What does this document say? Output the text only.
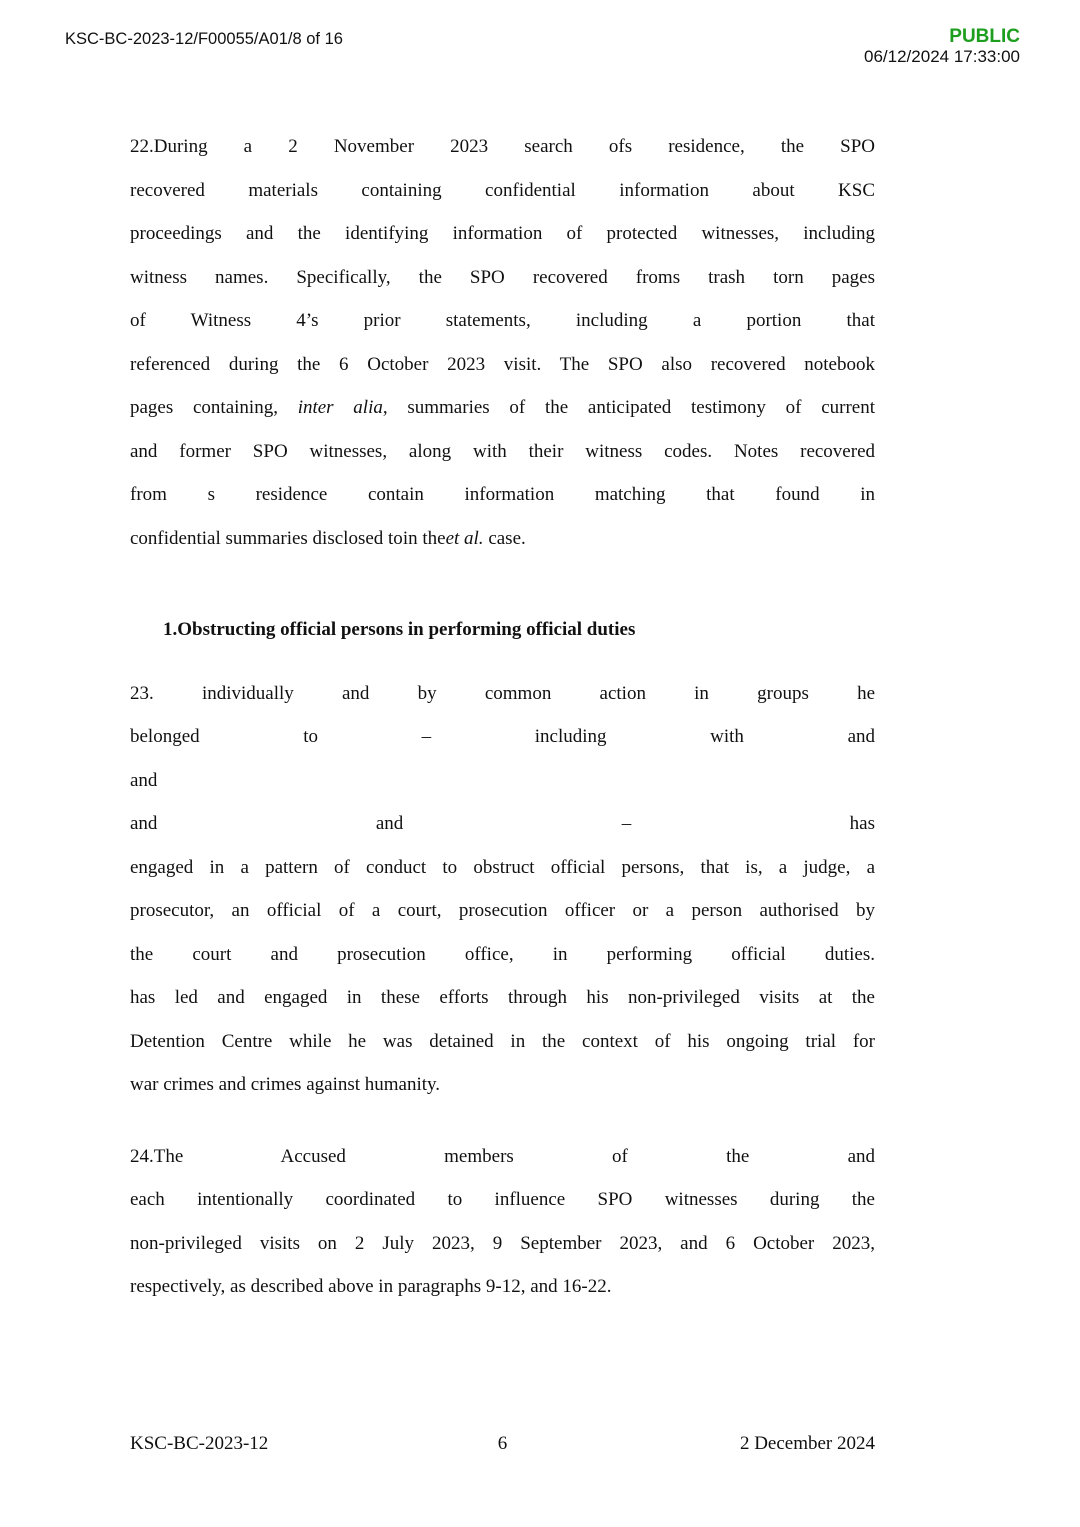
KSC-BC-2023-12/F00055/A01/8 of 16	PUBLIC
06/12/2024 17:33:00
22.During a 2 November 2023 search ofs residence, the SPO
recovered materials containing confidential information about KSC
proceedings and the identifying information of protected witnesses, including
witness names. Specifically, the SPO recovered froms trash torn pages
of Witness 4’s prior statements, including a portion that
referenced during the 6 October 2023 visit. The SPO also recovered notebook
pages containing, inter alia, summaries of the anticipated testimony of current
and former SPO witnesses, along with their witness codes. Notes recovered
from s residence contain information matching that found in
confidential summaries disclosed toin theet al. case.
1.Obstructing official persons in performing official duties
23. individually and by common action in groups he
belonged to – including with and
and
and and – has
engaged in a pattern of conduct to obstruct official persons, that is, a judge, a
prosecutor, an official of a court, prosecution officer or a person authorised by
the court and prosecution office, in performing official duties.
has led and engaged in these efforts through his non-privileged visits at the
Detention Centre while he was detained in the context of his ongoing trial for
war crimes and crimes against humanity.
24.The Accused members of the and
each intentionally coordinated to influence SPO witnesses during the
non-privileged visits on 2 July 2023, 9 September 2023, and 6 October 2023,
respectively, as described above in paragraphs 9-12, and 16-22.
KSC-BC-2023-12	6	2 December 2024
